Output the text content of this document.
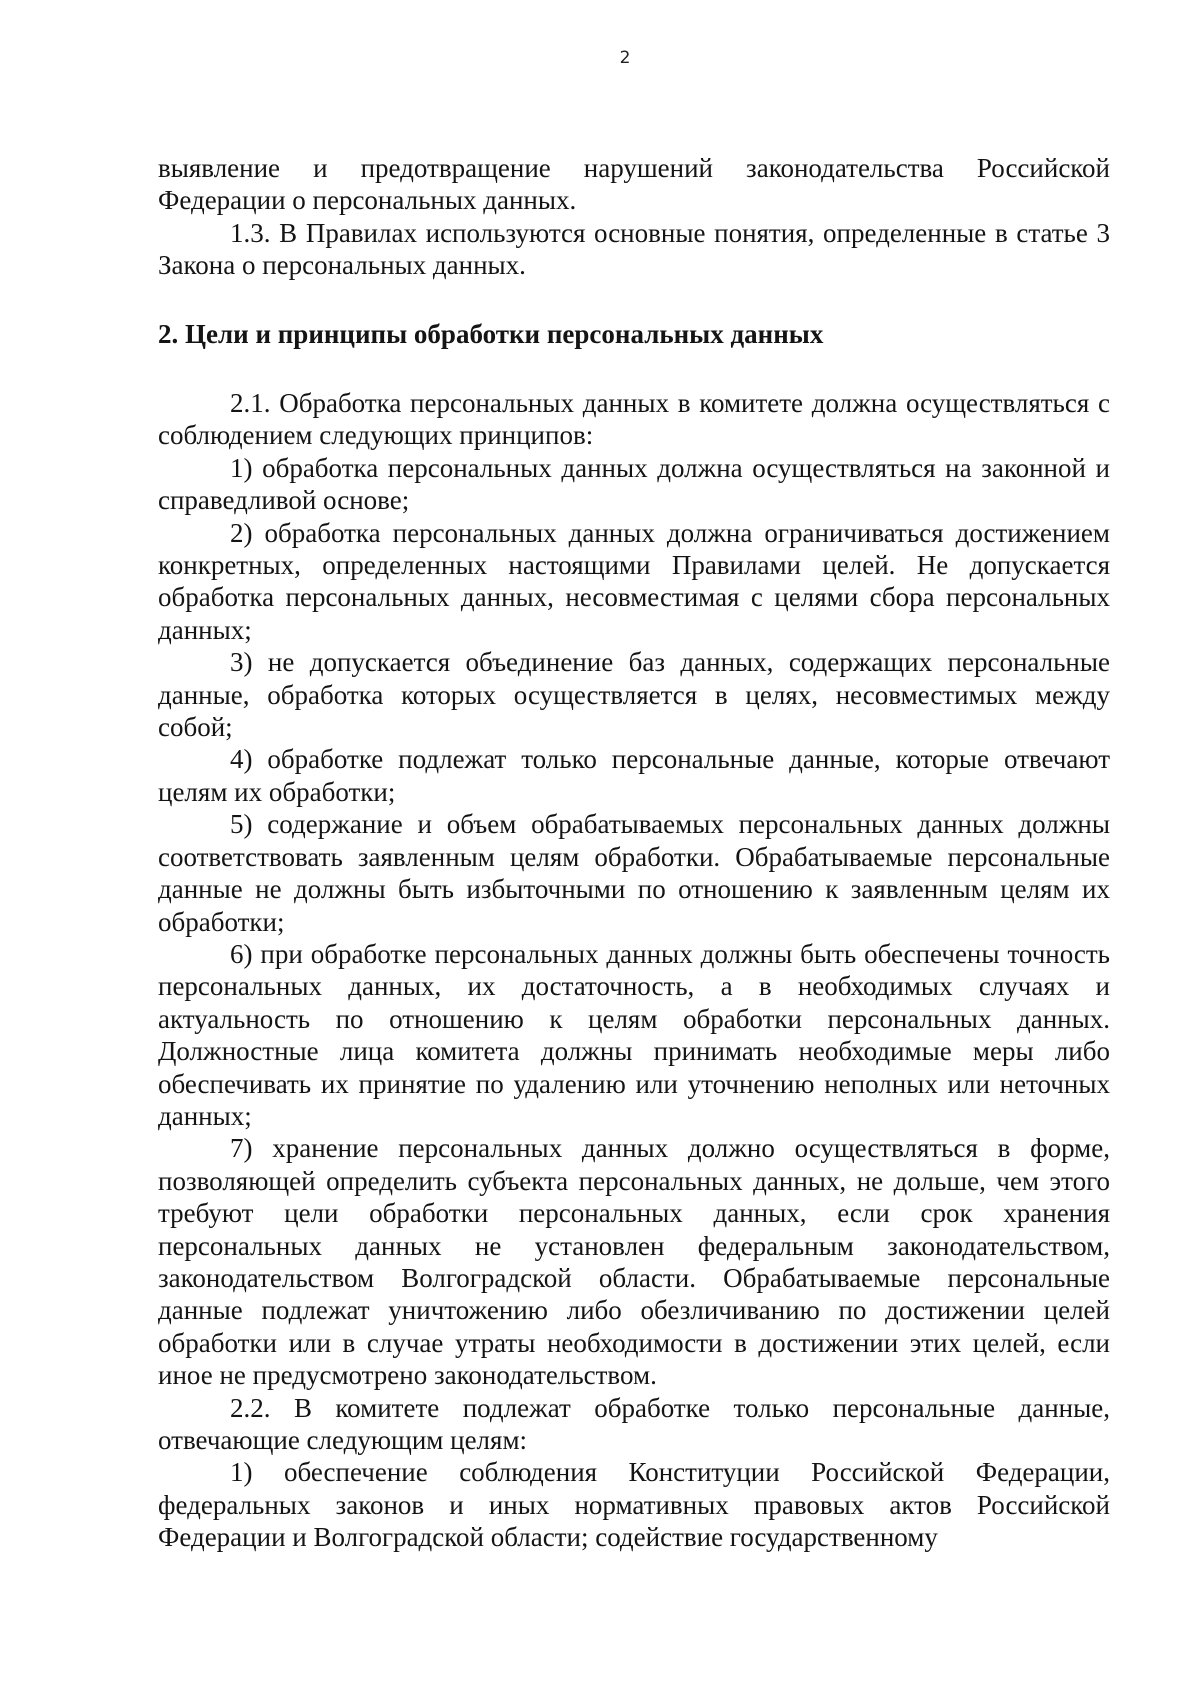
2

выявление и предотвращение нарушений законодательства Российской Федерации о персональных данных.

1.3. В Правилах используются основные понятия, определенные в статье 3 Закона о персональных данных.

2. Цели и принципы обработки персональных данных

2.1. Обработка персональных данных в комитете должна осуществляться с соблюдением следующих принципов:

1) обработка персональных данных должна осуществляться на законной и справедливой основе;

2) обработка персональных данных должна ограничиваться достижением конкретных, определенных настоящими Правилами целей. Не допускается обработка персональных данных, несовместимая с целями сбора персональных данных;

3) не допускается объединение баз данных, содержащих персональные данные, обработка которых осуществляется в целях, несовместимых между собой;

4) обработке подлежат только персональные данные, которые отвечают целям их обработки;

5) содержание и объем обрабатываемых персональных данных должны соответствовать заявленным целям обработки. Обрабатываемые персональные данные не должны быть избыточными по отношению к заявленным целям их обработки;

6) при обработке персональных данных должны быть обеспечены точность персональных данных, их достаточность, а в необходимых случаях и актуальность по отношению к целям обработки персональных данных. Должностные лица комитета должны принимать необходимые меры либо обеспечивать их принятие по удалению или уточнению неполных или неточных данных;

7) хранение персональных данных должно осуществляться в форме, позволяющей определить субъекта персональных данных, не дольше, чем этого требуют цели обработки персональных данных, если срок хранения персональных данных не установлен федеральным законодательством, законодательством Волгоградской области. Обрабатываемые персональные данные подлежат уничтожению либо обезличиванию по достижении целей обработки или в случае утраты необходимости в достижении этих целей, если иное не предусмотрено законодательством.

2.2. В комитете подлежат обработке только персональные данные, отвечающие следующим целям:

1) обеспечение соблюдения Конституции Российской Федерации, федеральных законов и иных нормативных правовых актов Российской Федерации и Волгоградской области; содействие государственному
